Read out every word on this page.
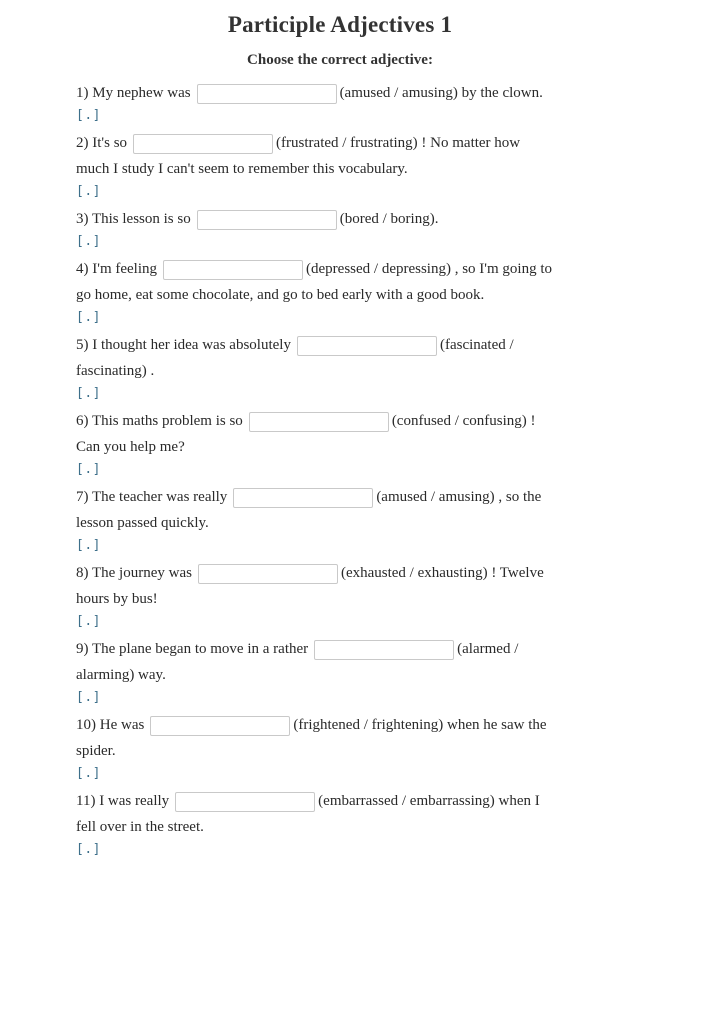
Participle Adjectives 1
Choose the correct adjective:
1) My nephew was	(amused / amusing) by the clown.
[.]
2) It's so	(frustrated / frustrating) ! No matter how much I study I can't seem to remember this vocabulary.
[.]
3) This lesson is so	(bored / boring).
[.]
4) I'm feeling	(depressed / depressing) , so I'm going to go home, eat some chocolate, and go to bed early with a good book.
[.]
5) I thought her idea was absolutely	(fascinated / fascinating) .
[.]
6) This maths problem is so	(confused / confusing) ! Can you help me?
[.]
7) The teacher was really	(amused / amusing) , so the lesson passed quickly.
[.]
8) The journey was	(exhausted / exhausting) ! Twelve hours by bus!
[.]
9) The plane began to move in a rather	(alarmed / alarming) way.
[.]
10) He was	(frightened / frightening) when he saw the spider.
[.]
11) I was really	(embarrassed / embarrassing) when I fell over in the street.
[.]
